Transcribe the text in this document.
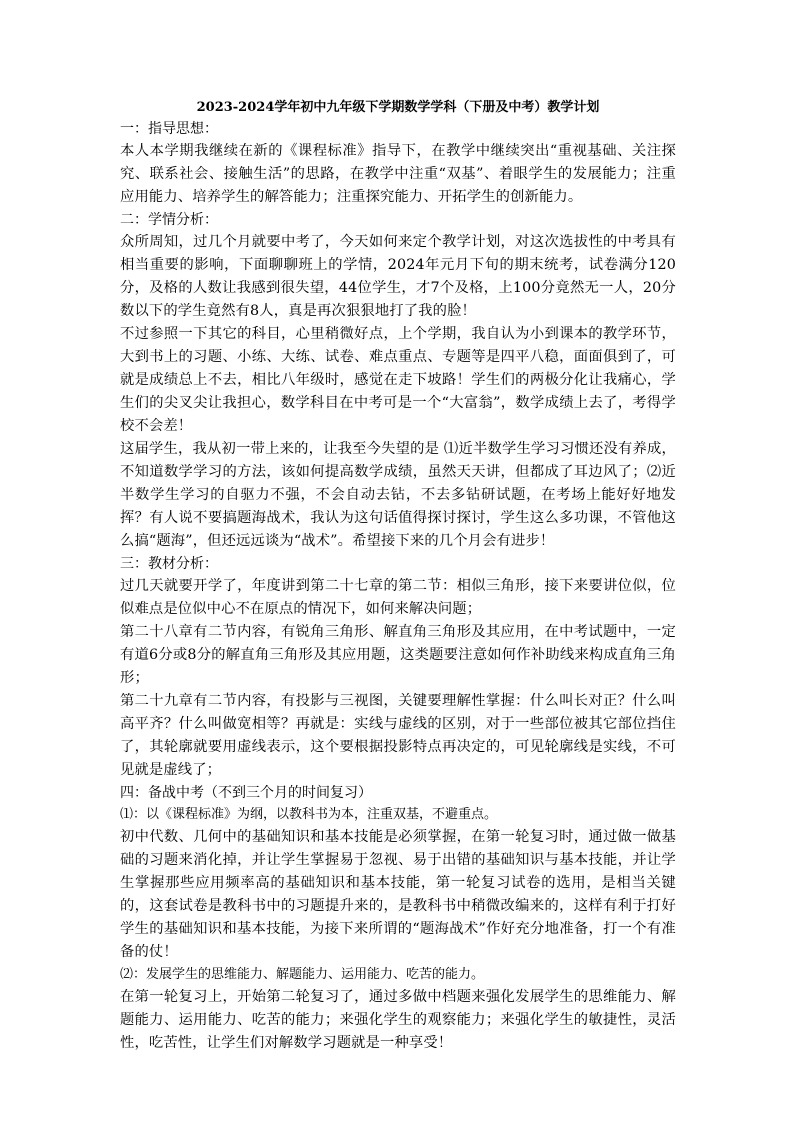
2023-2024学年初中九年级下学期数学学科（下册及中考）教学计划

一：指导思想：

本人本学期我继续在新的《课程标准》指导下，在教学中继续突出“重视基础、关注探究、联系社会、接触生活”的思路，在教学中注重“双基”、着眼学生的发展能力；注重应用能力、培养学生的解答能力；注重探究能力、开拓学生的创新能力。

二：学情分析：

众所周知，过几个月就要中考了，今天如何来定个教学计划，对这次选拔性的中考具有相当重要的影响，下面聊聊班上的学情，2024年元月下旬的期末统考，试卷满分120分，及格的人数让我感到很失望，44位学生，才7个及格，上100分竟然无一人，20分数以下的学生竟然有8人，真是再次狠狠地打了我的脸！

不过参照一下其它的科目，心里稍微好点，上个学期，我自认为小到课本的教学环节，大到书上的习题、小练、大练、试卷、难点重点、专题等是四平八稳，面面俱到了，可就是成绩总上不去，相比八年级时，感觉在走下坡路！学生们的两极分化让我痛心，学生们的尖叉尖让我担心，数学科目在中考可是一个“大富翁”，数学成绩上去了，考得学校不会差！

这届学生，我从初一带上来的，让我至今失望的是 ⑴近半数学生学习习惯还没有养成，不知道数学学习的方法，该如何提高数学成绩，虽然天天讲，但都成了耳边风了；⑵近半数学生学习的自驱力不强，不会自动去钻，不去多钻研试题，在考场上能好好地发挥？有人说不要搞题海战术，我认为这句话值得探讨探讨，学生这么多功课，不管他这么搞“题海”，但还远远谈为“战术”。希望接下来的几个月会有进步！

三：教材分析：

过几天就要开学了，年度讲到第二十七章的第二节：相似三角形，接下来要讲位似，位似难点是位似中心不在原点的情况下，如何来解决问题；

第二十八章有二节内容，有锐角三角形、解直角三角形及其应用，在中考试题中，一定有道6分或8分的解直角三角形及其应用题，这类题要注意如何作补助线来构成直角三角形；

第二十九章有二节内容，有投影与三视图，关键要理解性掌握：什么叫长对正？什么叫高平齐？什么叫做宽相等？再就是：实线与虚线的区别，对于一些部位被其它部位挡住了，其轮廓就要用虚线表示，这个要根据投影特点再决定的，可见轮廓线是实线，不可见就是虚线了；

四：备战中考（不到三个月的时间复习）

⑴：以《课程标准》为纲，以教科书为本，注重双基，不避重点。

初中代数、几何中的基础知识和基本技能是必须掌握，在第一轮复习时，通过做一做基础的习题来消化掉，并让学生掌握易于忽视、易于出错的基础知识与基本技能，并让学生掌握那些应用频率高的基础知识和基本技能，第一轮复习试卷的选用，是相当关键的，这套试卷是教科书中的习题提升来的，是教科书中稍微改编来的，这样有利于打好学生的基础知识和基本技能，为接下来所谓的“题海战术”作好充分地准备，打一个有准备的仗！

⑵：发展学生的思维能力、解题能力、运用能力、吃苦的能力。

在第一轮复习上，开始第二轮复习了，通过多做中档题来强化发展学生的思维能力、解题能力、运用能力、吃苦的能力；来强化学生的观察能力；来强化学生的敏捷性，灵活性，吃苦性，让学生们对解数学习题就是一种享受！
